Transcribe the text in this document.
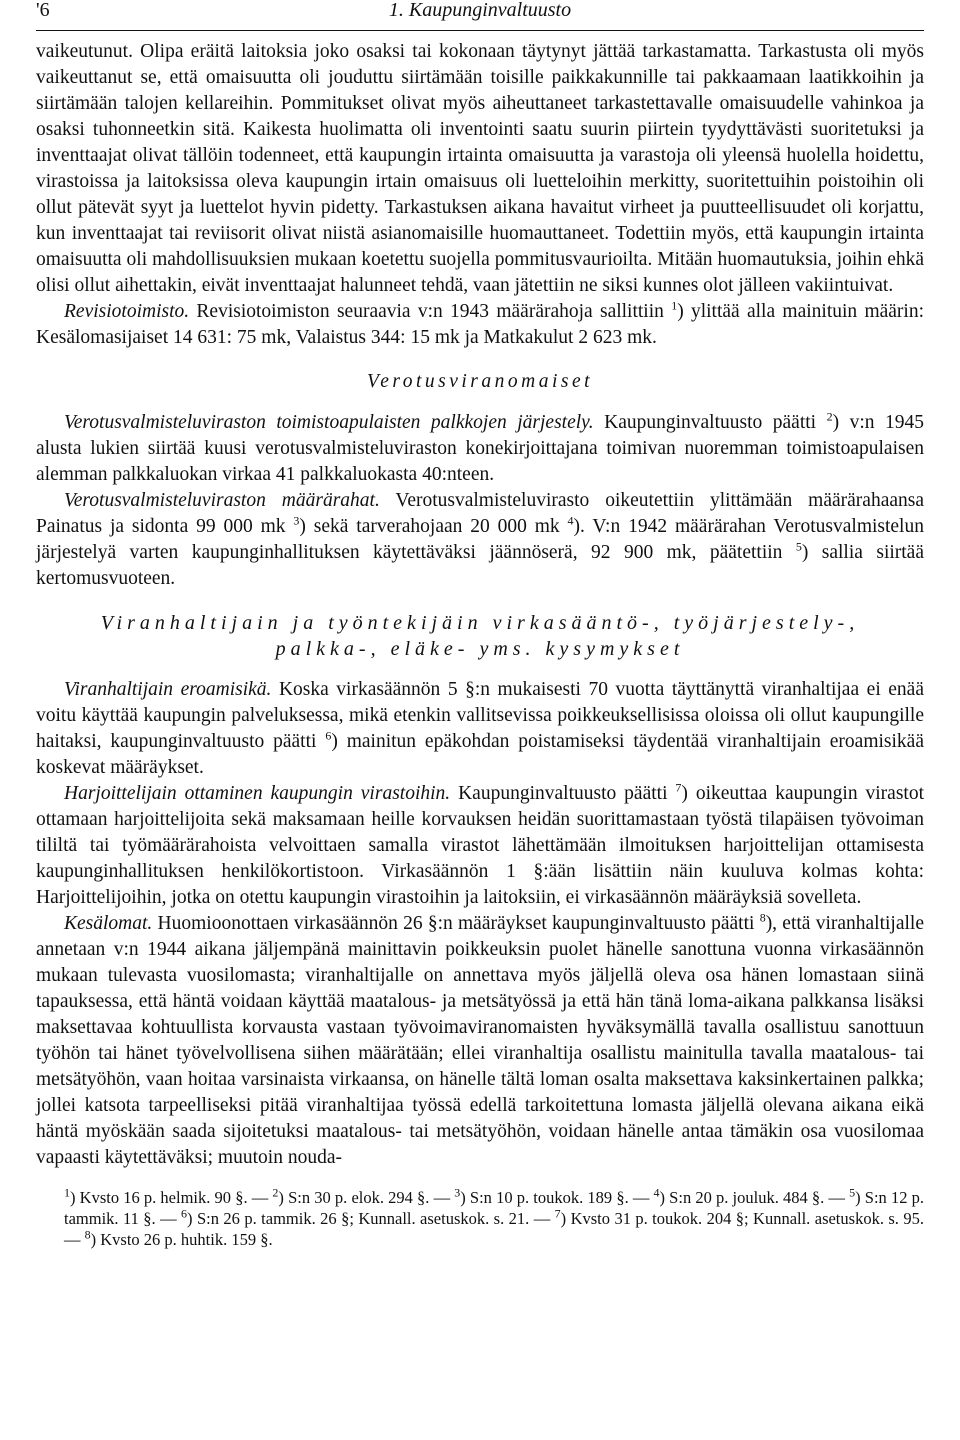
'6	1. Kaupunginvaltuusto

vaikeutunut. Olipa eräitä laitoksia joko osaksi tai kokonaan täytynyt jättää tarkastamatta. Tarkastusta oli myös vaikeuttanut se, että omaisuutta oli jouduttu siirtämään toisille paikkakunnille tai pakkaamaan laatikkoihin ja siirtämään talojen kellareihin. Pommitukset olivat myös aiheuttaneet tarkastettavalle omaisuudelle vahinkoa ja osaksi tuhonneetkin sitä. Kaikesta huolimatta oli inventointi saatu suurin piirtein tyydyttävästi suoritetuksi ja inventtaajat olivat tällöin todenneet, että kaupungin irtainta omaisuutta ja varastoja oli yleensä huolella hoidettu, virastoissa ja laitoksissa oleva kaupungin irtain omaisuus oli luetteloihin merkitty, suoritettuihin poistoihin oli ollut pätevät syyt ja luettelot hyvin pidetty. Tarkastuksen aikana havaitut virheet ja puutteellisuudet oli korjattu, kun inventtaajat tai reviisorit olivat niistä asianomaisille huomauttaneet. Todettiin myös, että kaupungin irtainta omaisuutta oli mahdollisuuksien mukaan koetettu suojella pommitusvaurioilta. Mitään huomautuksia, joihin ehkä olisi ollut aihettakin, eivät inventtaajat halunneet tehdä, vaan jätettiin ne siksi kunnes olot jälleen vakiintuivat.

Revisiotoimisto. Revisiotoimiston seuraavia v:n 1943 määrärahoja sallittiin $^1$) ylittää alla mainituin määrin: Kesälomasijaiset 14 631: 75 mk, Valaistus 344: 15 mk ja Matkakulut 2 623 mk.

Verotusviranomaiset

Verotusvalmisteluviraston toimistoapulaisten palkkojen järjestely. Kaupunginvaltuusto päätti $^2$) v:n 1945 alusta lukien siirtää kuusi verotusvalmisteluviraston konekirjoittajana toimivan nuoremman toimistoapulaisen alemman palkkaluokan virkaa 41 palkkaluokasta 40:nteen.

Verotusvalmisteluviraston määrärahat. Verotusvalmisteluvirasto oikeutettiin ylittämään määrärahaansa Painatus ja sidonta 99 000 mk $^3$) sekä tarverahojaan 20 000 mk $^4$). V:n 1942 määrärahan Verotusvalmistelun järjestelyä varten kaupunginhallituksen käytettäväksi jäännöserä, 92 900 mk, päätettiin $^5$) sallia siirtää kertomusvuoteen.

Viranhaltijain ja työntekijäin virkasääntö-, työjärjestely-,

palkka-, eläke- yms. kysymykset

Viranhaltijain eroamisikä. Koska virkasäännön 5 §:n mukaisesti 70 vuotta täyttänyttä viranhaltijaa ei enää voitu käyttää kaupungin palveluksessa, mikä etenkin vallitsevissa poikkeuksellisissa oloissa oli ollut kaupungille haitaksi, kaupunginvaltuusto päätti $^6$) mainitun epäkohdan poistamiseksi täydentää viranhaltijain eroamisikää koskevat määräykset.

Harjoittelijain ottaminen kaupungin virastoihin. Kaupunginvaltuusto päätti $^7$) oikeuttaa kaupungin virastot ottamaan harjoittelijoita sekä maksamaan heille korvauksen heidän suorittamastaan työstä tilapäisen työvoiman tililtä tai työmäärärahoista velvoittaen samalla virastot lähettämään ilmoituksen harjoittelijan ottamisesta kaupunginhallituksen henkilökortistoon. Virkasäännön 1 §:ään lisättiin näin kuuluva kolmas kohta: Harjoittelijoihin, jotka on otettu kaupungin virastoihin ja laitoksiin, ei virkasäännön määräyksiä sovelleta.

Kesälomat. Huomioonottaen virkasäännön 26 §:n määräykset kaupunginvaltuusto päätti $^8$), että viranhaltijalle annetaan v:n 1944 aikana jäljempänä mainittavin poikkeuksin puolet hänelle sanottuna vuonna virkasäännön mukaan tulevasta vuosilomasta; viranhaltijalle on annettava myös jäljellä oleva osa hänen lomastaan siinä tapauksessa, että häntä voidaan käyttää maatalous- ja metsätyössä ja että hän tänä loma-aikana palkkansa lisäksi maksettavaa kohtuullista korvausta vastaan työvoimaviranomaisten hyväksymällä tavalla osallistuu sanottuun työhön tai hänet työvelvollisena siihen määrätään; ellei viranhaltija osallistu mainitulla tavalla maatalous- tai metsätyöhön, vaan hoitaa varsinaista virkaansa, on hänelle tältä loman osalta maksettava kaksinkertainen palkka; jollei katsota tarpeelliseksi pitää viranhaltijaa työssä edellä tarkoitettuna lomasta jäljellä olevana aikana eikä häntä myöskään saada sijoitetuksi maatalous- tai metsätyöhön, voidaan hänelle antaa tämäkin osa vuosilomaa vapaasti käytettäväksi; muutoin nouda-

$^1$) Kvsto 16 p. helmik. 90 §. — $^2$) S:n 30 p. elok. 294 §. — $^3$) S:n 10 p. toukok. 189 §. — $^4$) S:n 20 p. jouluk. 484 §. — $^5$) S:n 12 p. tammik. 11 §. — $^6$) S:n 26 p. tammik. 26 §; Kunnall. asetuskok. s. 21. — $^7$) Kvsto 31 p. toukok. 204 §; Kunnall. asetuskok. s. 95. — $^8$) Kvsto 26 p. huhtik. 159 §.
